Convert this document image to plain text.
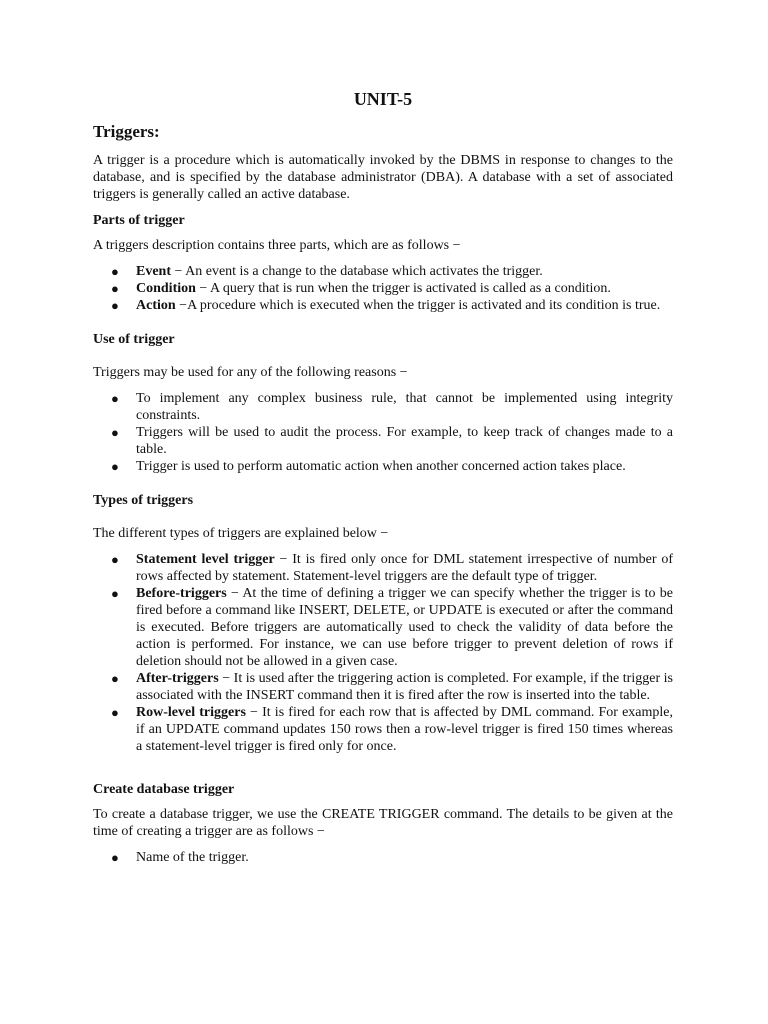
UNIT-5
Triggers:

A trigger is a procedure which is automatically invoked by the DBMS in response to changes to the database, and is specified by the database administrator (DBA). A database with a set of associated triggers is generally called an active database.

Parts of trigger

A triggers description contains three parts, which are as follows −

● Event − An event is a change to the database which activates the trigger.
● Condition − A query that is run when the trigger is activated is called as a condition.
● Action −A procedure which is executed when the trigger is activated and its condition is true.
Use of trigger

Triggers may be used for any of the following reasons −

● To implement any complex business rule, that cannot be implemented using integrity constraints.
● Triggers will be used to audit the process. For example, to keep track of changes made to a table.
● Trigger is used to perform automatic action when another concerned action takes place.
Types of triggers

The different types of triggers are explained below −

● Statement level trigger − It is fired only once for DML statement irrespective of number of rows affected by statement. Statement-level triggers are the default type of trigger.
● Before-triggers − At the time of defining a trigger we can specify whether the trigger is to be fired before a command like INSERT, DELETE, or UPDATE is executed or after the command is executed. Before triggers are automatically used to check the validity of data before the action is performed. For instance, we can use before trigger to prevent deletion of rows if deletion should not be allowed in a given case.
● After-triggers − It is used after the triggering action is completed. For example, if the trigger is associated with the INSERT command then it is fired after the row is inserted into the table.
● Row-level triggers − It is fired for each row that is affected by DML command. For example, if an UPDATE command updates 150 rows then a row-level trigger is fired 150 times whereas a statement-level trigger is fired only for once.
Create database trigger

To create a database trigger, we use the CREATE TRIGGER command. The details to be given at the time of creating a trigger are as follows −

● Name of the trigger.
